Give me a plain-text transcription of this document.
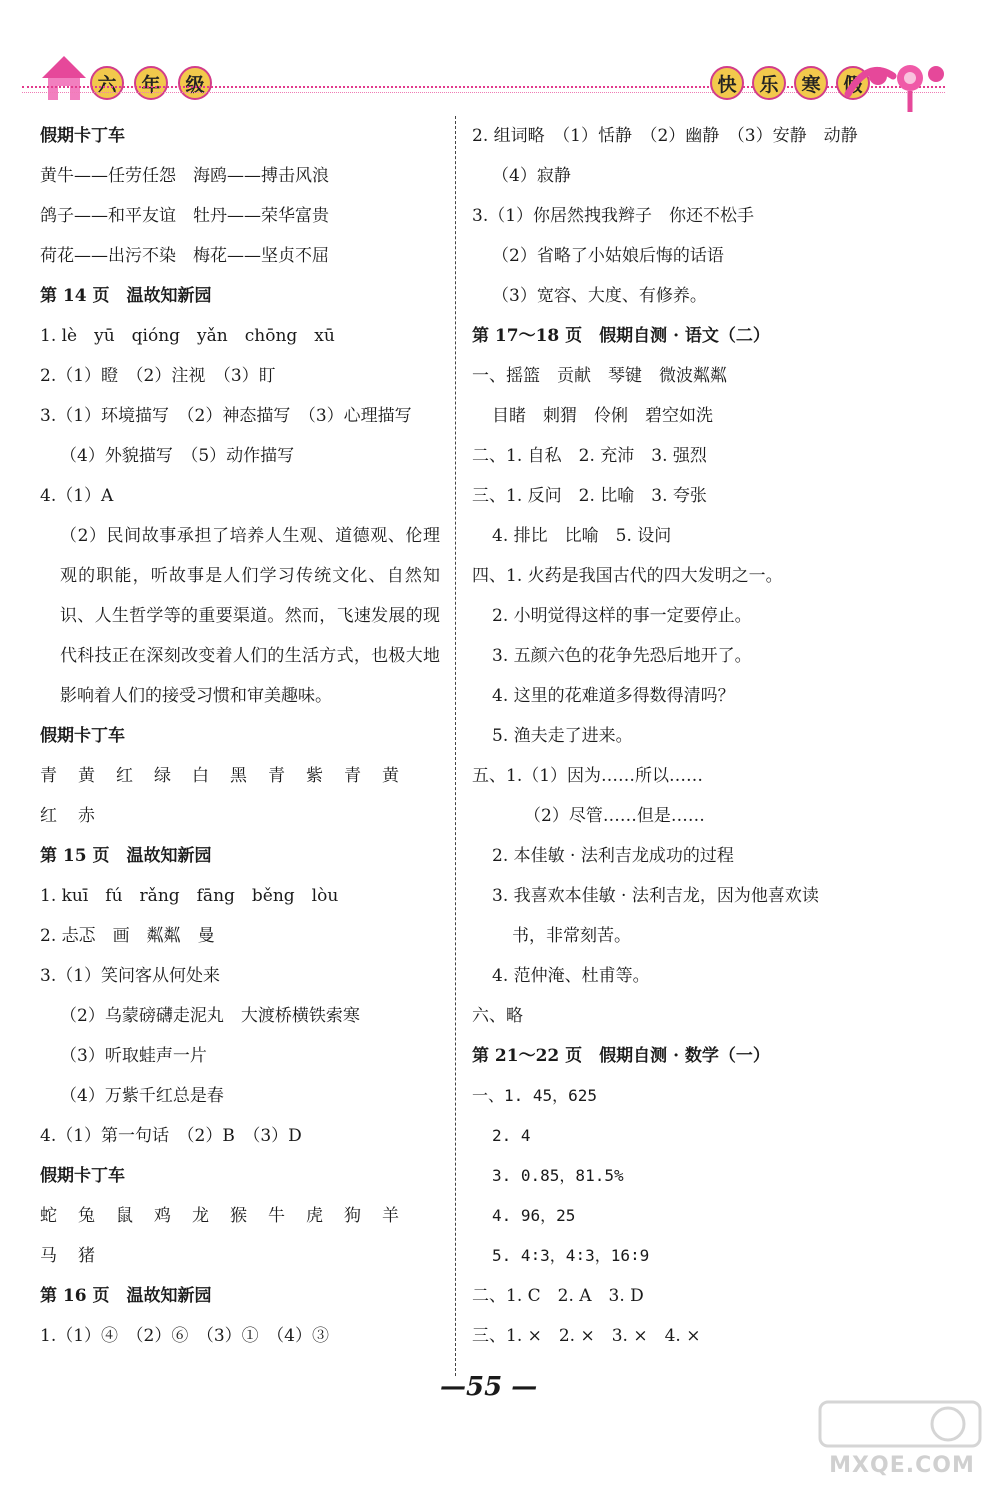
六	年	级	快	乐	寒	假
假期卡丁车
黄牛——任劳任怨　海鸥——搏击风浪
鸽子——和平友谊　牡丹——荣华富贵
荷花——出污不染　梅花——坚贞不屈
第 14 页　温故知新园
1. lè　yū　qióng　yǎn　chōng　xū
2.（1）瞪　（2）注视　（3）盯
3.（1）环境描写　（2）神态描写　（3）心理描写
（4）外貌描写　（5）动作描写
4.（1）A
（2）民间故事承担了培养人生观、道德观、伦理观的职能，听故事是人们学习传统文化、自然知识、人生哲学等的重要渠道。然而，飞速发展的现代科技正在深刻改变着人们的生活方式，也极大地影响着人们的接受习惯和审美趣味。
假期卡丁车
青黄红绿白黑青紫青黄
红赤
第 15 页　温故知新园
1. kuī　fú　rǎng　fāng　běng　lòu
2. 忐忑　画　粼粼　曼
3.（1）笑问客从何处来
（2）乌蒙磅礴走泥丸　大渡桥横铁索寒
（3）听取蛙声一片
（4）万紫千红总是春
4.（1）第一句话　（2）B　（3）D
假期卡丁车
蛇兔鼠鸡龙猴牛虎狗羊
马猪
第 16 页　温故知新园
1.（1）④　（2）⑥　（3）①　（4）③
2. 组词略　（1）恬静　（2）幽静　（3）安静　动静
（4）寂静
3.（1）你居然拽我辫子　你还不松手
（2）省略了小姑娘后悔的话语
（3）宽容、大度、有修养。
第 17～18 页　假期自测 · 语文（二）
一、摇篮　贡献　琴键　微波粼粼
目睹　刺猬　伶俐　碧空如洗
二、1. 自私　2. 充沛　3. 强烈
三、1. 反问　2. 比喻　3. 夸张
4. 排比　比喻　5. 设问
四、1. 火药是我国古代的四大发明之一。
2. 小明觉得这样的事一定要停止。
3. 五颜六色的花争先恐后地开了。
4. 这里的花难道多得数得清吗？
5. 渔夫走了进来。
五、1.（1）因为……所以……
（2）尽管……但是……
2. 本佳敏 · 法利吉龙成功的过程
3. 我喜欢本佳敏 · 法利吉龙，因为他喜欢读
书，非常刻苦。
4. 范仲淹、杜甫等。
六、略
第 21～22 页　假期自测 · 数学（一）
一、1. 45，625
2. 4
3. 0.85，81.5%
4. 96，25
5. 4∶3，4∶3，16∶9
二、1. C　2. A　3. D
三、1. ×　2. ×　3. ×　4. ×
—55 —
MXQE.COM
